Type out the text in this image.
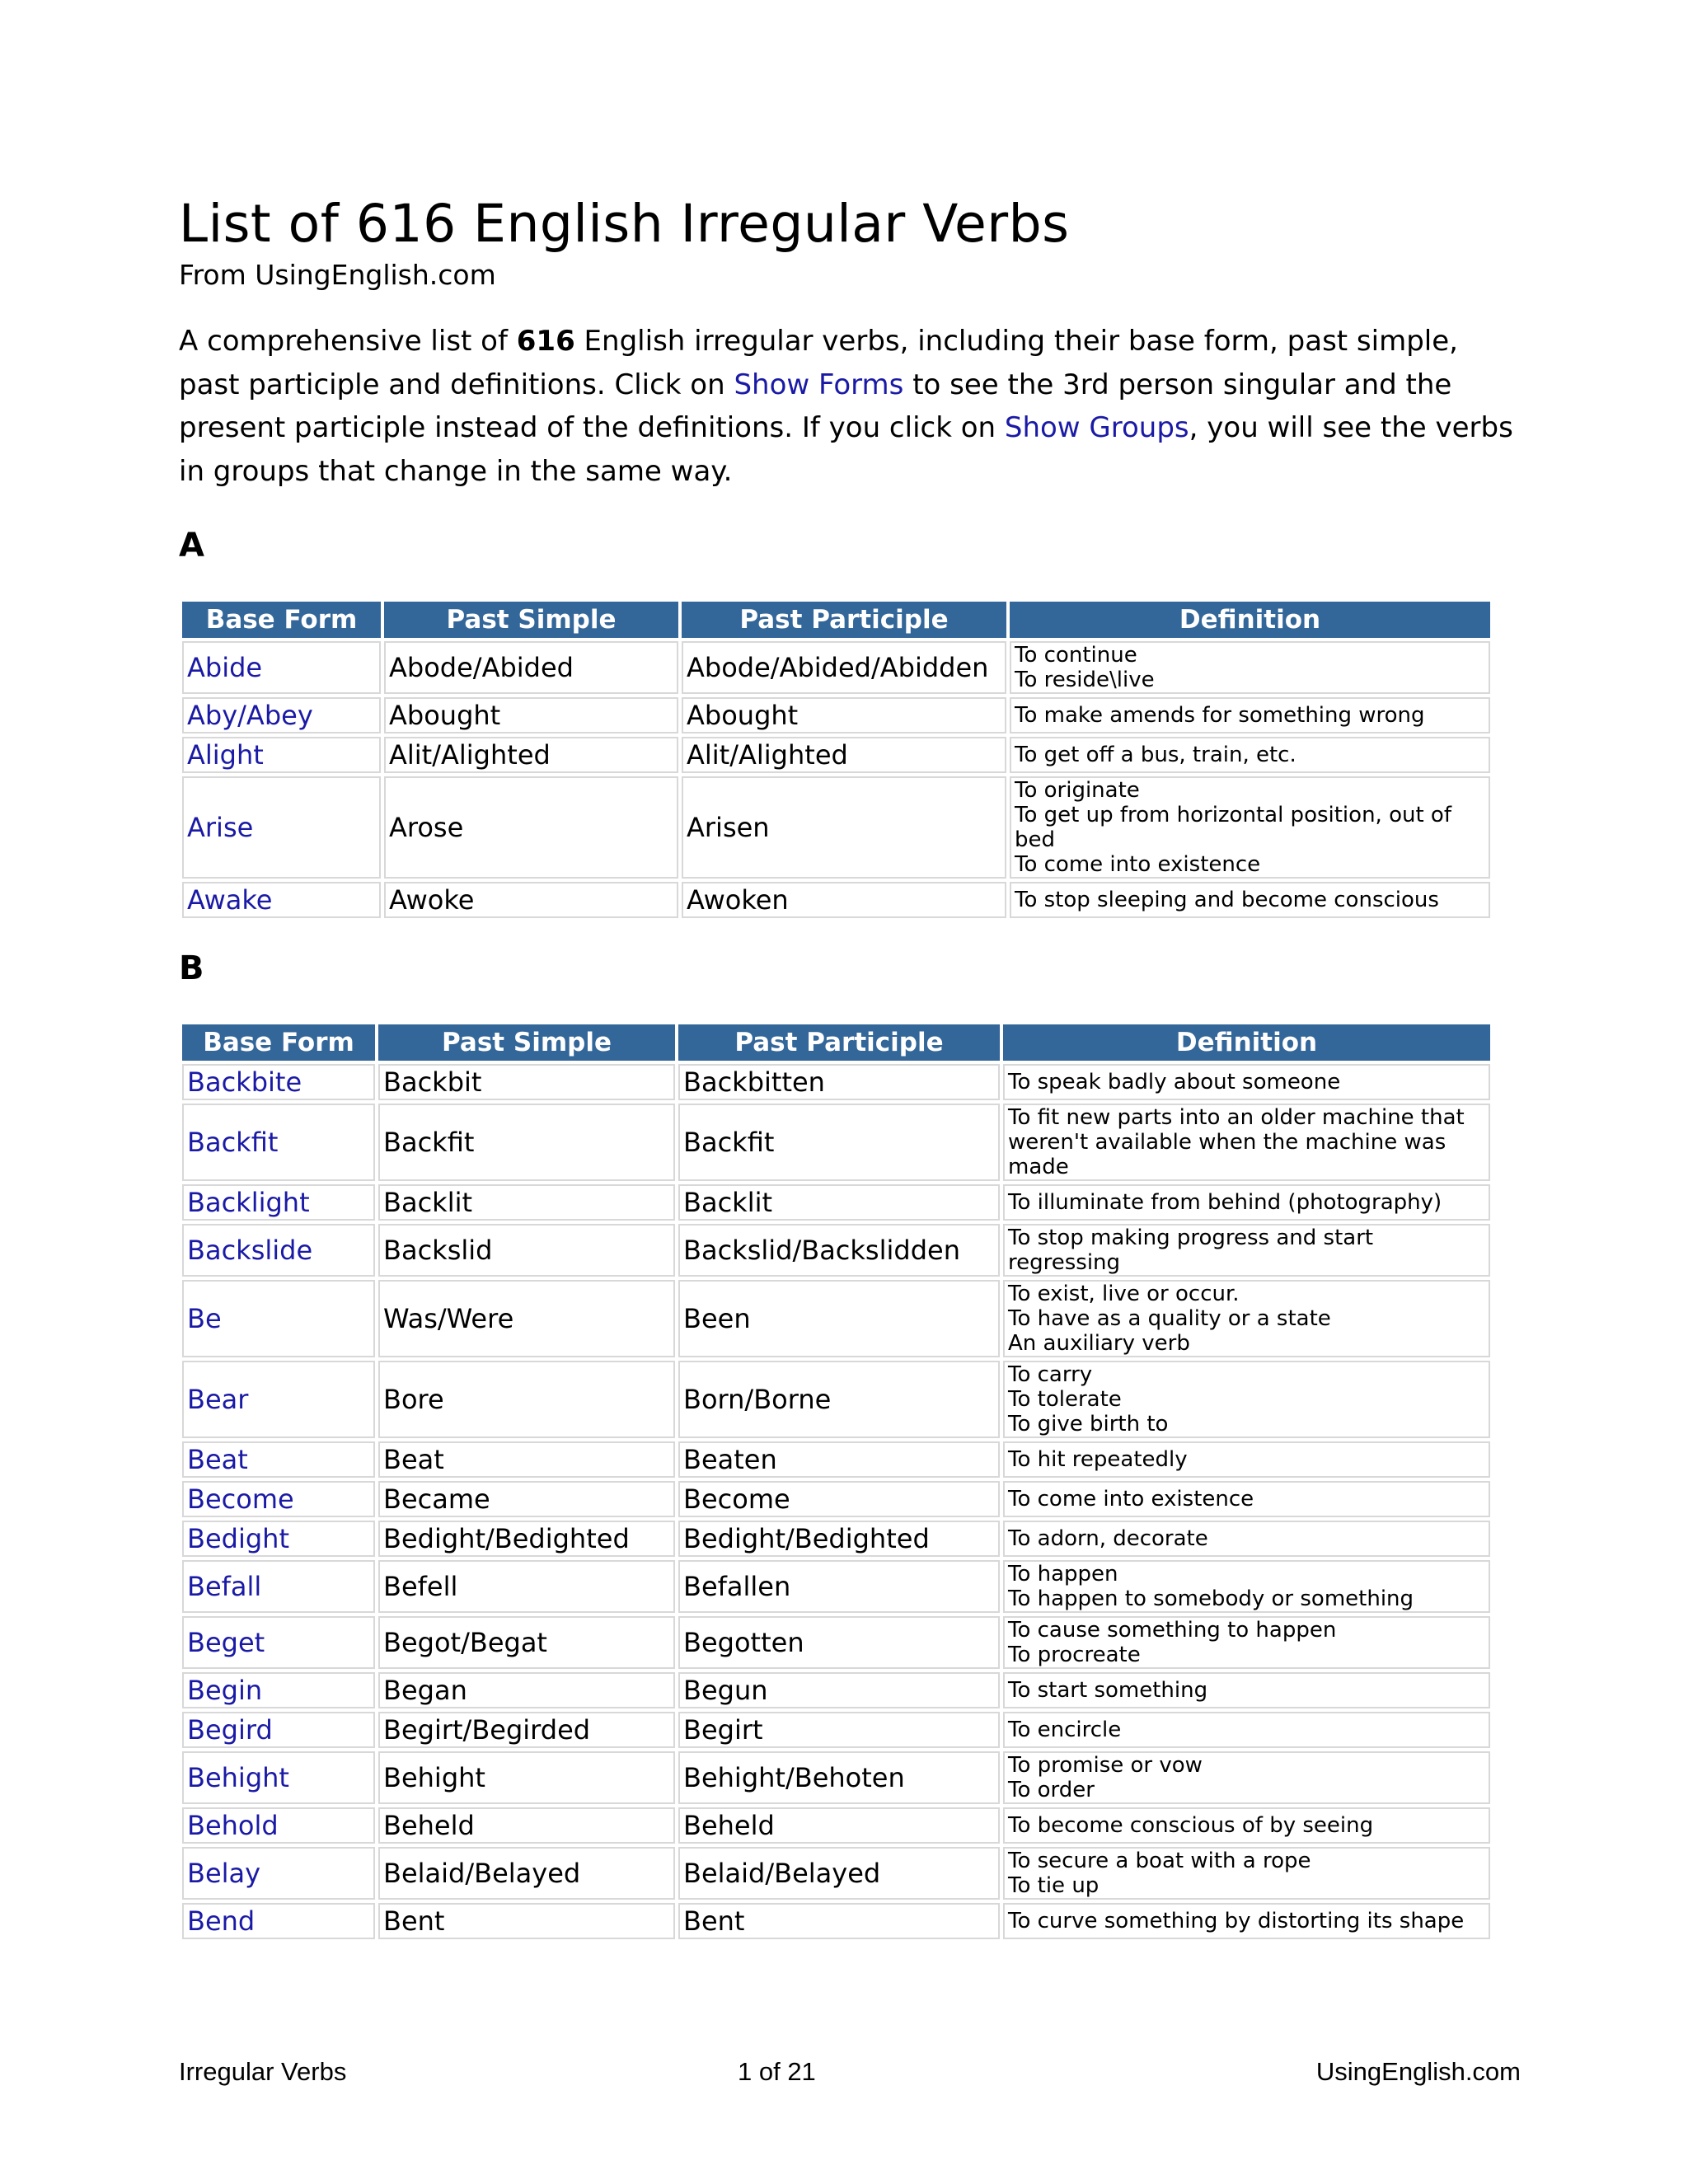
List of 616 English Irregular Verbs
From UsingEnglish.com

A comprehensive list of 616 English irregular verbs, including their base form, past simple, past participle and definitions. Click on Show Forms to see the 3rd person singular and the present participle instead of the definitions. If you click on Show Groups, you will see the verbs in groups that change in the same way.

A
Base Form	Past Simple	Past Participle	Definition
Abide	Abode/Abided	Abode/Abided/Abidden	To continue
To reside\live

Aby/Abey	Abought	Abought	To make amends for something wrong

Alight	Alit/Alighted	Alit/Alighted	To get off a bus, train, etc.

Arise	Arose	Arisen	To originate
To get up from horizontal position, out of bed
To come into existence

Awake	Awoke	Awoken	To stop sleeping and become conscious
B
Base Form	Past Simple	Past Participle	Definition
Backbite	Backbit	Backbitten	To speak badly about someone

Backfit	Backfit	Backfit	To fit new parts into an older machine that
weren't available when the machine was
made

Backlight	Backlit	Backlit	To illuminate from behind (photography)

Backslide	Backslid	Backslid/Backslidden	To stop making progress and start regressing

Be	Was/Were	Been	To exist, live or occur.
To have as a quality or a state
An auxiliary verb

Bear	Bore	Born/Borne	To carry
To tolerate
To give birth to

Beat	Beat	Beaten	To hit repeatedly

Become	Became	Become	To come into existence

Bedight	Bedight/Bedighted	Bedight/Bedighted	To adorn, decorate

Befall	Befell	Befallen	To happen
To happen to somebody or something

Beget	Begot/Begat	Begotten	To cause something to happen
To procreate

Begin	Began	Begun	To start something

Begird	Begirt/Begirded	Begirt	To encircle

Behight	Behight	Behight/Behoten	To promise or vow
To order

Behold	Beheld	Beheld	To become conscious of by seeing

Belay	Belaid/Belayed	Belaid/Belayed	To secure a boat with a rope
To tie up

Bend	Bent	Bent	To curve something by distorting its shape
Irregular Verbs	1 of 21	UsingEnglish.com
